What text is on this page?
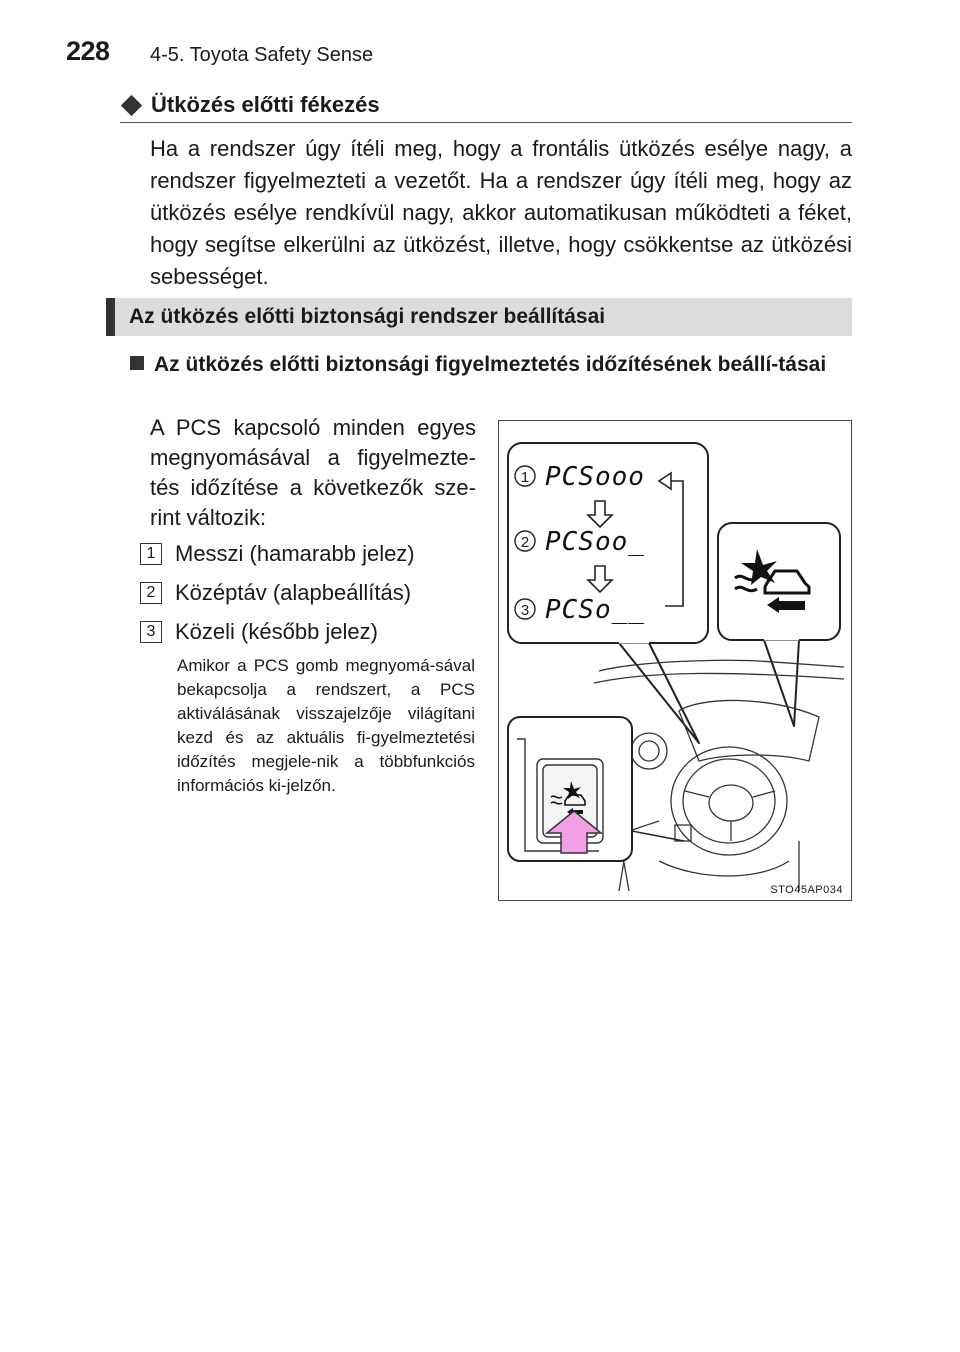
228 4-5. Toyota Safety Sense
Ütközés előtti fékezés
Ha a rendszer úgy ítéli meg, hogy a frontális ütközés esélye nagy, a rendszer figyelmezteti a vezetőt. Ha a rendszer úgy ítéli meg, hogy az ütközés esélye rendkívül nagy, akkor automatikusan működteti a féket, hogy segítse elkerülni az ütközést, illetve, hogy csökkentse az ütközési sebességet.
Az ütközés előtti biztonsági rendszer beállításai
Az ütközés előtti biztonsági figyelmeztetés időzítésének beállí-tásai
A PCS kapcsoló minden egyes megnyomásával a figyelmezte-tés időzítése a következők sze-rint változik:
1 Messzi (hamarabb jelez)
2 Középtáv (alapbeállítás)
3 Közeli (később jelez)
Amikor a PCS gomb megnyomá-sával bekapcsolja a rendszert, a PCS aktiválásának visszajelzője világítani kezd és az aktuális fi-gyelmeztetési időzítés megjele-nik a többfunkciós információs ki-jelzőn.
1
2
3
PCSooo
PCSoo_
PCSo__
STO45AP034
